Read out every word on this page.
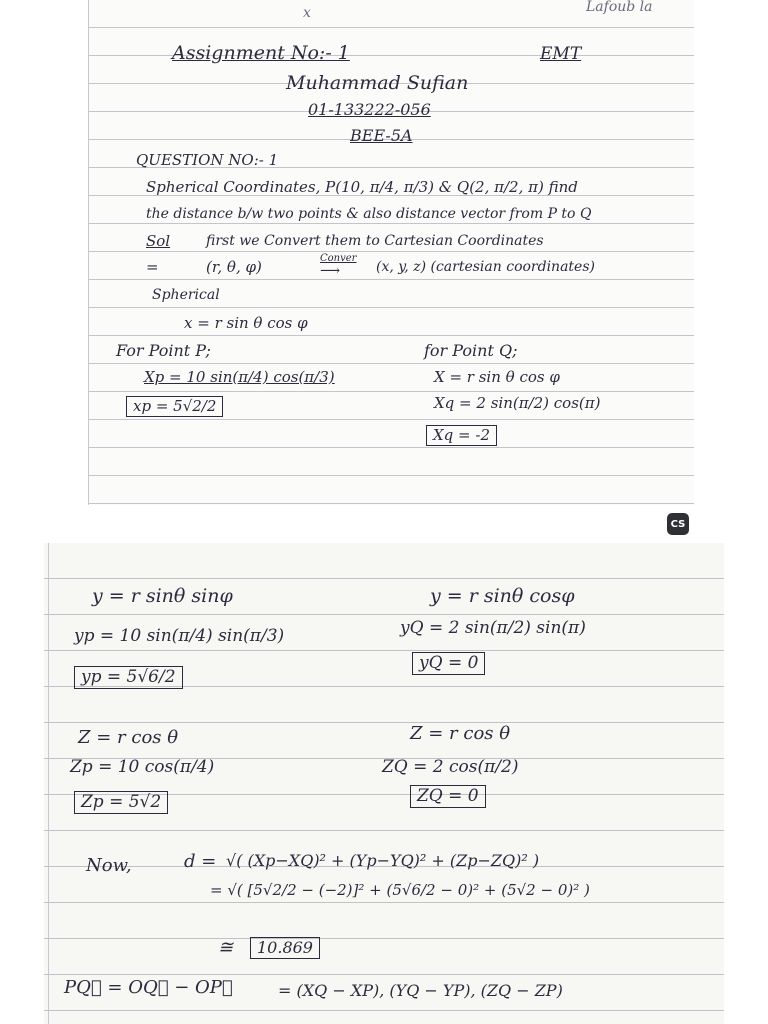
x	Lafoub la
Assignment No:- 1	EMT
Muhammad Sufian
01-133222-056
BEE-5A
QUESTION NO:- 1
Spherical Coordinates, P(10, π/4, π/3) & Q(2, π/2, π) find
the distance b/w two points & also distance vector from P to Q
Sol	first we Convert them to Cartesian Coordinates
=	(r, θ, φ)	Conver
⟶	(x, y, z) (cartesian coordinates)
Spherical
x = r sin θ cos φ
For Point P;	for Point Q;
Xp = 10 sin(π/4) cos(π/3)	X = r sin θ cos φ
xp = 5√2/2	Xq = 2 sin(π/2) cos(π)
Xq = -2
CS
y = r sinθ sinφ	y = r sinθ cosφ
yp = 10 sin(π/4) sin(π/3)	yQ = 2 sin(π/2) sin(π)
yp = 5√6/2
yQ = 0
Z = r cos θ	Z = r cos θ
Zp = 10 cos(π/4)	ZQ = 2 cos(π/2)
Zp = 5√2	ZQ = 0
Now,	d = √( (Xp−XQ)² + (Yp−YQ)² + (Zp−ZQ)² )
= √( [5√2/2 − (−2)]² + (5√6/2 − 0)² + (5√2 − 0)² )
≅	10.869
PQ⃗ = OQ⃗ − OP⃗	= (XQ − XP), (YQ − YP), (ZQ − ZP)
